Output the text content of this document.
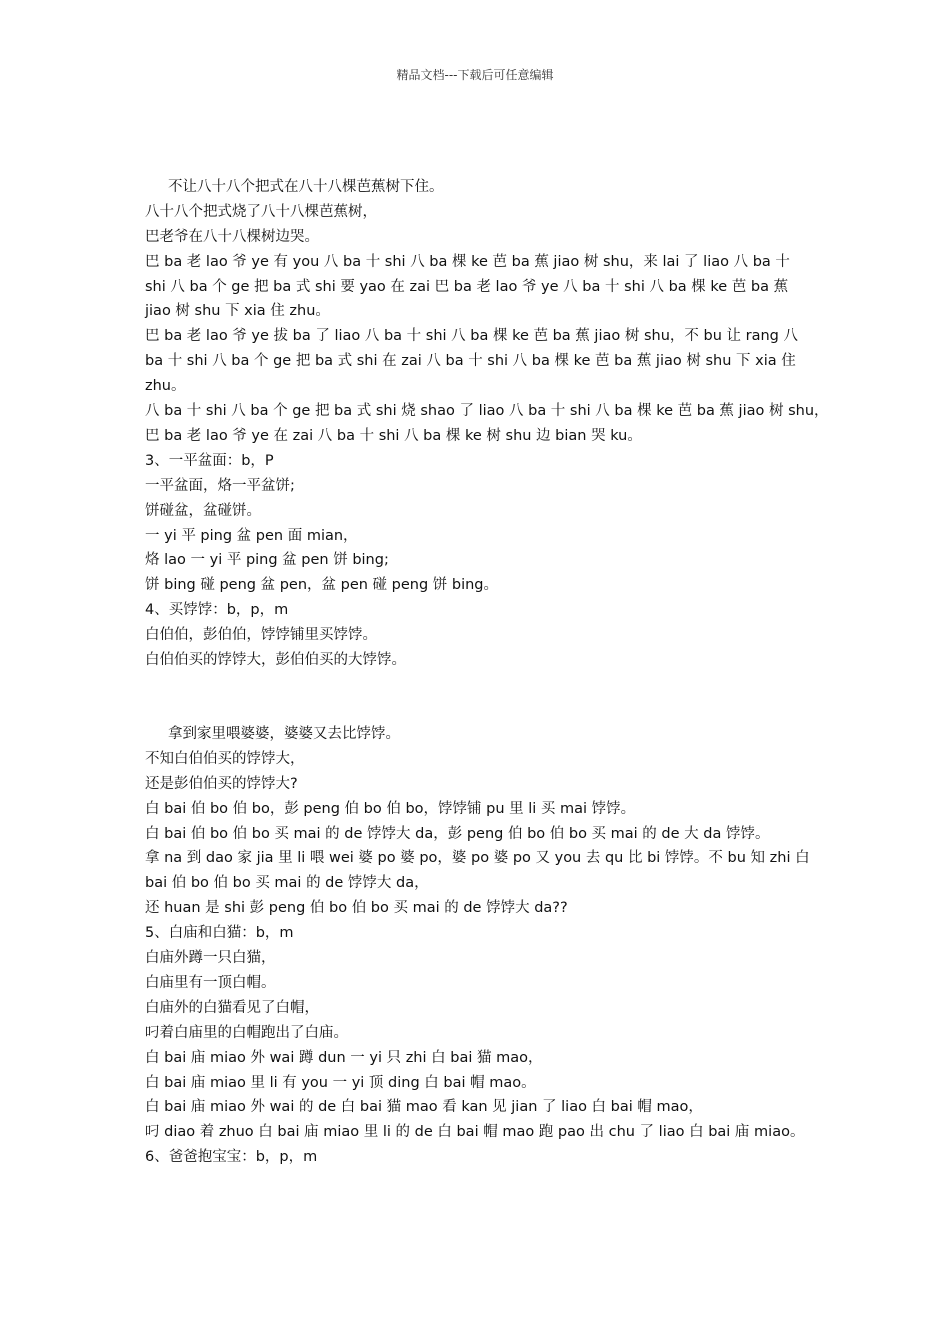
精品文档---下载后可任意编辑
不让八十八个把式在八十八棵芭蕉树下住。
八十八个把式烧了八十八棵芭蕉树，
巴老爷在八十八棵树边哭。
巴 ba 老 lao 爷 ye 有 you 八 ba 十 shi 八 ba 棵 ke 芭 ba 蕉 jiao 树 shu，来 lai 了 liao 八 ba 十 shi 八 ba 个 ge 把 ba 式 shi 要 yao 在 zai 巴 ba 老 lao 爷 ye 八 ba 十 shi 八 ba 棵 ke 芭 ba 蕉 jiao 树 shu 下 xia 住 zhu。
巴 ba 老 lao 爷 ye 拔 ba 了 liao 八 ba 十 shi 八 ba 棵 ke 芭 ba 蕉 jiao 树 shu，不 bu 让 rang 八 ba 十 shi 八 ba 个 ge 把 ba 式 shi 在 zai 八 ba 十 shi 八 ba 棵 ke 芭 ba 蕉 jiao 树 shu 下 xia 住 zhu。
八 ba 十 shi 八 ba 个 ge 把 ba 式 shi 烧 shao 了 liao 八 ba 十 shi 八 ba 棵 ke 芭 ba 蕉 jiao 树 shu，
巴 ba 老 lao 爷 ye 在 zai 八 ba 十 shi 八 ba 棵 ke 树 shu 边 bian 哭 ku。
3、一平盆面：b，P
一平盆面，烙一平盆饼;
饼碰盆，盆碰饼。
一 yi 平 ping 盆 pen 面 mian，
烙 lao 一 yi 平 ping 盆 pen 饼 bing;
饼 bing 碰 peng 盆 pen，盆 pen 碰 peng 饼 bing。
4、买饽饽：b，p，m
白伯伯，彭伯伯，饽饽铺里买饽饽。
白伯伯买的饽饽大，彭伯伯买的大饽饽。
拿到家里喂婆婆，婆婆又去比饽饽。
不知白伯伯买的饽饽大，
还是彭伯伯买的饽饽大?
白 bai 伯 bo 伯 bo，彭 peng 伯 bo 伯 bo，饽饽铺 pu 里 li 买 mai 饽饽。
白 bai 伯 bo 伯 bo 买 mai 的 de 饽饽大 da，彭 peng 伯 bo 伯 bo 买 mai 的 de 大 da 饽饽。
拿 na 到 dao 家 jia 里 li 喂 wei 婆 po 婆 po，婆 po 婆 po 又 you 去 qu 比 bi 饽饽。不 bu 知 zhi 白 bai 伯 bo 伯 bo 买 mai 的 de 饽饽大 da，
还 huan 是 shi 彭 peng 伯 bo 伯 bo 买 mai 的 de 饽饽大 da??
5、白庙和白猫：b，m
白庙外蹲一只白猫，
白庙里有一顶白帽。
白庙外的白猫看见了白帽，
叼着白庙里的白帽跑出了白庙。
白 bai 庙 miao 外 wai 蹲 dun 一 yi 只 zhi 白 bai 猫 mao，
白 bai 庙 miao 里 li 有 you 一 yi 顶 ding 白 bai 帽 mao。
白 bai 庙 miao 外 wai 的 de 白 bai 猫 mao 看 kan 见 jian 了 liao 白 bai 帽 mao，
叼 diao 着 zhuo 白 bai 庙 miao 里 li 的 de 白 bai 帽 mao 跑 pao 出 chu 了 liao 白 bai 庙 miao。
6、爸爸抱宝宝：b，p，m
